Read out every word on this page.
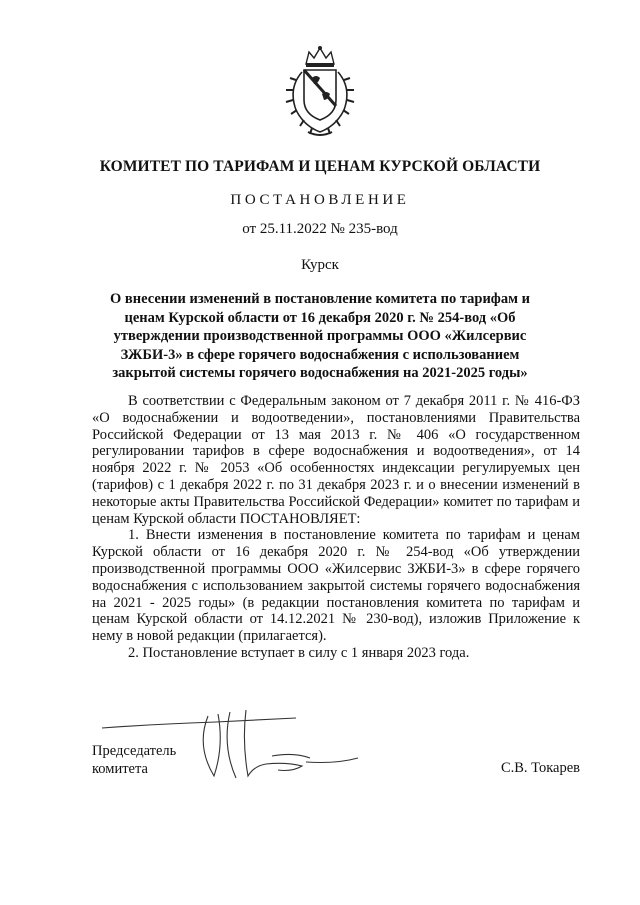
КОМИТЕТ ПО ТАРИФАМ И ЦЕНАМ КУРСКОЙ ОБЛАСТИ
ПОСТАНОВЛЕНИЕ
от 25.11.2022 № 235-вод
Курск
О внесении изменений в постановление комитета по тарифам и ценам Курской области от 16 декабря 2020 г. № 254-вод «Об утверждении производственной программы ООО «Жилсервис ЗЖБИ-3» в сфере горячего водоснабжения с использованием закрытой системы горячего водоснабжения на 2021-2025 годы»

В соответствии с Федеральным законом от 7 декабря 2011 г. № 416-ФЗ «О водоснабжении и водоотведении», постановлениями Правительства Российской Федерации от 13 мая 2013 г. № 406 «О государственном регулировании тарифов в сфере водоснабжения и водоотведения», от 14 ноября 2022 г. № 2053 «Об особенностях индексации регулируемых цен (тарифов) с 1 декабря 2022 г. по 31 декабря 2023 г. и о внесении изменений в некоторые акты Правительства Российской Федерации» комитет по тарифам и ценам Курской области ПОСТАНОВЛЯЕТ:

1. Внести изменения в постановление комитета по тарифам и ценам Курской области от 16 декабря 2020 г. № 254-вод «Об утверждении производственной программы ООО «Жилсервис ЗЖБИ-3» в сфере горячего водоснабжения с использованием закрытой системы горячего водоснабжения на 2021 - 2025 годы» (в редакции постановления комитета по тарифам и ценам Курской области от 14.12.2021 № 230-вод), изложив Приложение к нему в новой редакции (прилагается).

2. Постановление вступает в силу с 1 января 2023 года.

Председатель
комитета	С.В. Токарев
